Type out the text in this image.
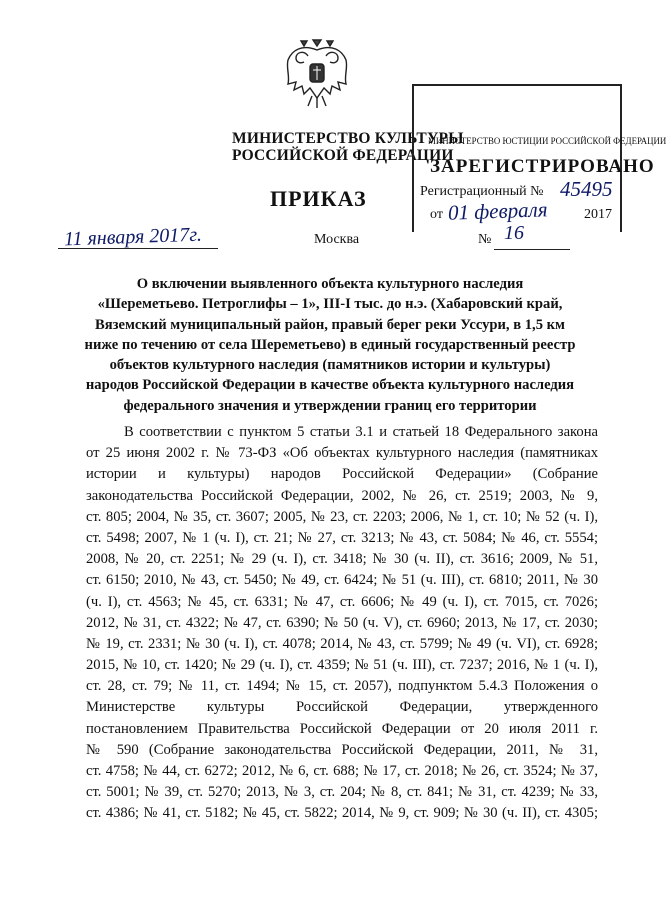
МИНИСТЕРСТВО КУЛЬТУРЫ
РОССИЙСКОЙ ФЕДЕРАЦИИ
ПРИКАЗ
11 января 2017г.	Москва	№ 16
МИНИСТЕРСТВО ЮСТИЦИИ РОССИЙСКОЙ ФЕДЕРАЦИИ
ЗАРЕГИСТРИРОВАНО
Регистрационный № 45495
от 01 февраля	2017
О включении выявленного объекта культурного наследия
«Шереметьево. Петроглифы – 1», III-I тыс. до н.э. (Хабаровский край,
Вяземский муниципальный район, правый берег реки Уссури, в 1,5 км
ниже по течению от села Шереметьево) в единый государственный реестр
объектов культурного наследия (памятников истории и культуры)
народов Российской Федерации в качестве объекта культурного наследия
федерального значения и утверждении границ его территории
В соответствии с пунктом 5 статьи 3.1 и статьей 18 Федерального закона
от 25 июня 2002 г. № 73-ФЗ «Об объектах культурного наследия (памятниках
истории и культуры) народов Российской Федерации» (Собрание
законодательства Российской Федерации, 2002, № 26, ст. 2519; 2003, № 9,
ст. 805; 2004, № 35, ст. 3607; 2005, № 23, ст. 2203; 2006, № 1, ст. 10; № 52 (ч. I),
ст. 5498; 2007, № 1 (ч. I), ст. 21; № 27, ст. 3213; № 43, ст. 5084; № 46, ст. 5554;
2008, № 20, ст. 2251; № 29 (ч. I), ст. 3418; № 30 (ч. II), ст. 3616; 2009, № 51,
ст. 6150; 2010, № 43, ст. 5450; № 49, ст. 6424; № 51 (ч. III), ст. 6810; 2011, № 30
(ч. I), ст. 4563; № 45, ст. 6331; № 47, ст. 6606; № 49 (ч. I), ст. 7015, ст. 7026;
2012, № 31, ст. 4322; № 47, ст. 6390; № 50 (ч. V), ст. 6960; 2013, № 17, ст. 2030;
№ 19, ст. 2331; № 30 (ч. I), ст. 4078; 2014, № 43, ст. 5799; № 49 (ч. VI), ст. 6928;
2015, № 10, ст. 1420; № 29 (ч. I), ст. 4359; № 51 (ч. III), ст. 7237; 2016, № 1 (ч. I),
ст. 28, ст. 79; № 11, ст. 1494; № 15, ст. 2057), подпунктом 5.4.3 Положения о
Министерстве культуры Российской Федерации, утвержденного
постановлением Правительства Российской Федерации от 20 июля 2011 г.
№ 590 (Собрание законодательства Российской Федерации, 2011, № 31,
ст. 4758; № 44, ст. 6272; 2012, № 6, ст. 688; № 17, ст. 2018; № 26, ст. 3524; № 37,
ст. 5001; № 39, ст. 5270; 2013, № 3, ст. 204; № 8, ст. 841; № 31, ст. 4239; № 33,
ст. 4386; № 41, ст. 5182; № 45, ст. 5822; 2014, № 9, ст. 909; № 30 (ч. II), ст. 4305;
